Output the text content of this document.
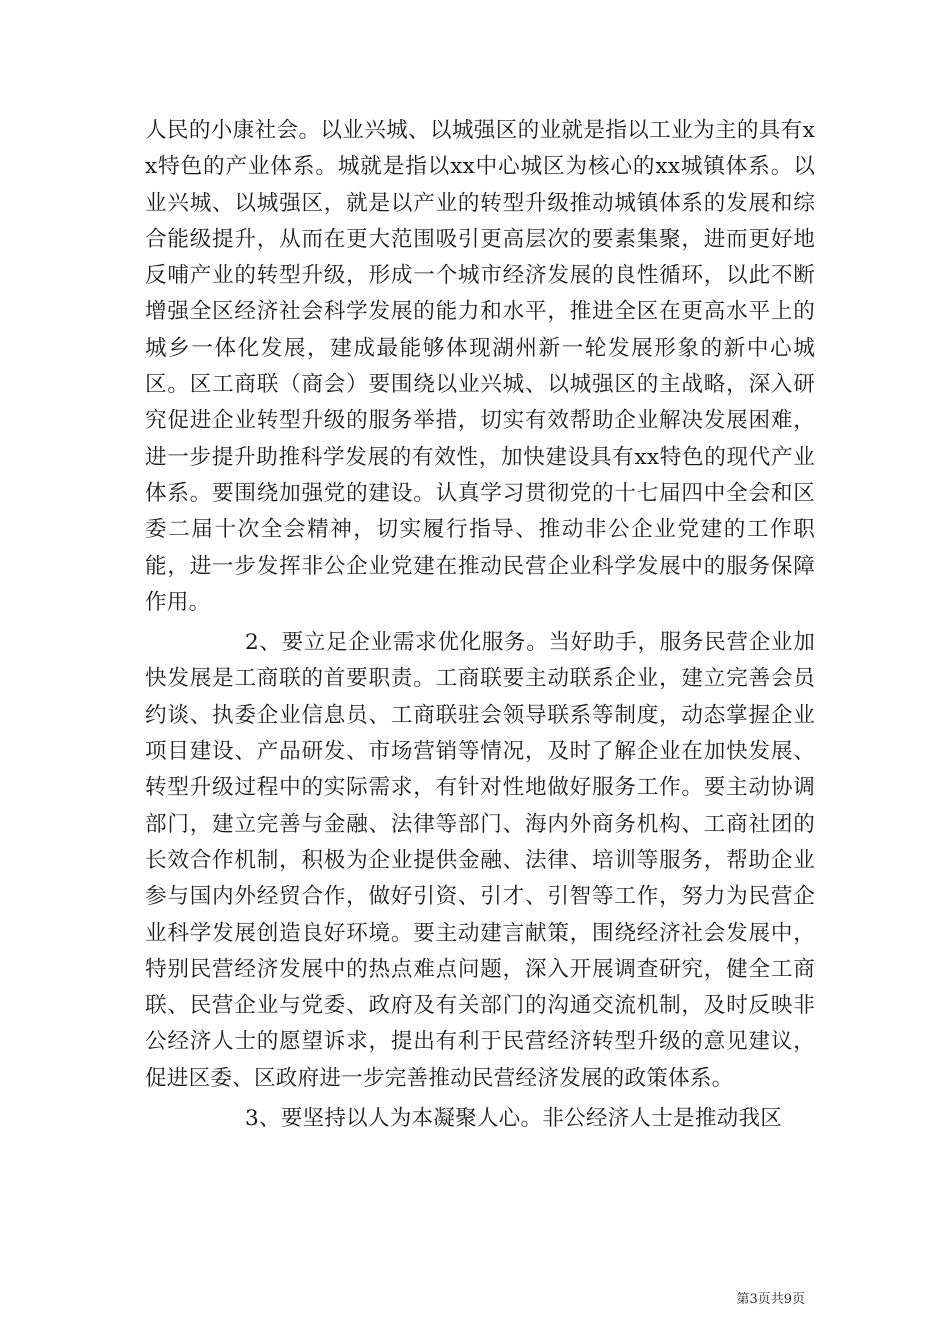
人民的小康社会。以业兴城、以城强区的业就是指以工业为主的具有xx特色的产业体系。城就是指以xx中心城区为核心的xx城镇体系。以业兴城、以城强区，就是以产业的转型升级推动城镇体系的发展和综合能级提升，从而在更大范围吸引更高层次的要素集聚，进而更好地反哺产业的转型升级，形成一个城市经济发展的良性循环，以此不断增强全区经济社会科学发展的能力和水平，推进全区在更高水平上的城乡一体化发展，建成最能够体现湖州新一轮发展形象的新中心城区。区工商联（商会）要围绕以业兴城、以城强区的主战略，深入研究促进企业转型升级的服务举措，切实有效帮助企业解决发展困难，进一步提升助推科学发展的有效性，加快建设具有xx特色的现代产业体系。要围绕加强党的建设。认真学习贯彻党的十七届四中全会和区委二届十次全会精神，切实履行指导、推动非公企业党建的工作职能，进一步发挥非公企业党建在推动民营企业科学发展中的服务保障作用。

2、要立足企业需求优化服务。当好助手，服务民营企业加快发展是工商联的首要职责。工商联要主动联系企业，建立完善会员约谈、执委企业信息员、工商联驻会领导联系等制度，动态掌握企业项目建设、产品研发、市场营销等情况，及时了解企业在加快发展、转型升级过程中的实际需求，有针对性地做好服务工作。要主动协调部门，建立完善与金融、法律等部门、海内外商务机构、工商社团的长效合作机制，积极为企业提供金融、法律、培训等服务，帮助企业参与国内外经贸合作，做好引资、引才、引智等工作，努力为民营企业科学发展创造良好环境。要主动建言献策，围绕经济社会发展中，特别民营经济发展中的热点难点问题，深入开展调查研究，健全工商联、民营企业与党委、政府及有关部门的沟通交流机制，及时反映非公经济人士的愿望诉求，提出有利于民营经济转型升级的意见建议，促进区委、区政府进一步完善推动民营经济发展的政策体系。

3、要坚持以人为本凝聚人心。非公经济人士是推动我区

第3页共9页
